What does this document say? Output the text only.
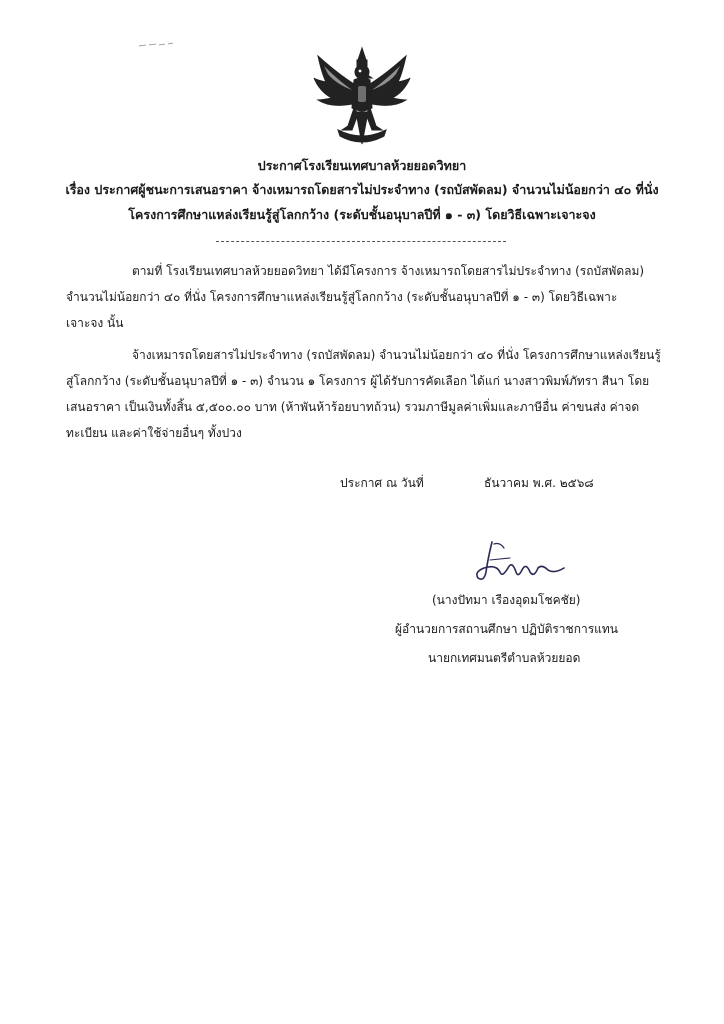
ประกาศโรงเรียนเทศบาลห้วยยอดวิทยา
เรื่อง ประกาศผู้ชนะการเสนอราคา จ้างเหมารถโดยสารไม่ประจำทาง (รถบัสพัดลม) จำนวนไม่น้อยกว่า ๔๐ ที่นั่ง
โครงการศึกษาแหล่งเรียนรู้สู่โลกกว้าง (ระดับชั้นอนุบาลปีที่ ๑ - ๓) โดยวิธีเฉพาะเจาะจง
ตามที่ โรงเรียนเทศบาลห้วยยอดวิทยา ได้มีโครงการ จ้างเหมารถโดยสารไม่ประจำทาง (รถบัสพัดลม)
จำนวนไม่น้อยกว่า ๔๐ ที่นั่ง โครงการศึกษาแหล่งเรียนรู้สู่โลกกว้าง (ระดับชั้นอนุบาลปีที่ ๑ - ๓) โดยวิธีเฉพาะ
เจาะจง นั้น
จ้างเหมารถโดยสารไม่ประจำทาง (รถบัสพัดลม) จำนวนไม่น้อยกว่า ๔๐ ที่นั่ง โครงการศึกษาแหล่งเรียนรู้
สู่โลกกว้าง (ระดับชั้นอนุบาลปีที่ ๑ - ๓) จำนวน ๑ โครงการ ผู้ได้รับการคัดเลือก ได้แก่ นางสาวพิมพ์ภัทรา สีนา โดย
เสนอราคา เป็นเงินทั้งสิ้น ๕,๕๐๐.๐๐ บาท (ห้าพันห้าร้อยบาทถ้วน) รวมภาษีมูลค่าเพิ่มและภาษีอื่น ค่าขนส่ง ค่าจด
ทะเบียน และค่าใช้จ่ายอื่นๆ ทั้งปวง
ประกาศ ณ วันที่	ธันวาคม พ.ศ. ๒๕๖๘
(นางปัทมา เรืองอุดมโชคชัย)
ผู้อำนวยการสถานศึกษา ปฏิบัติราชการแทน
นายกเทศมนตรีตำบลห้วยยอด
